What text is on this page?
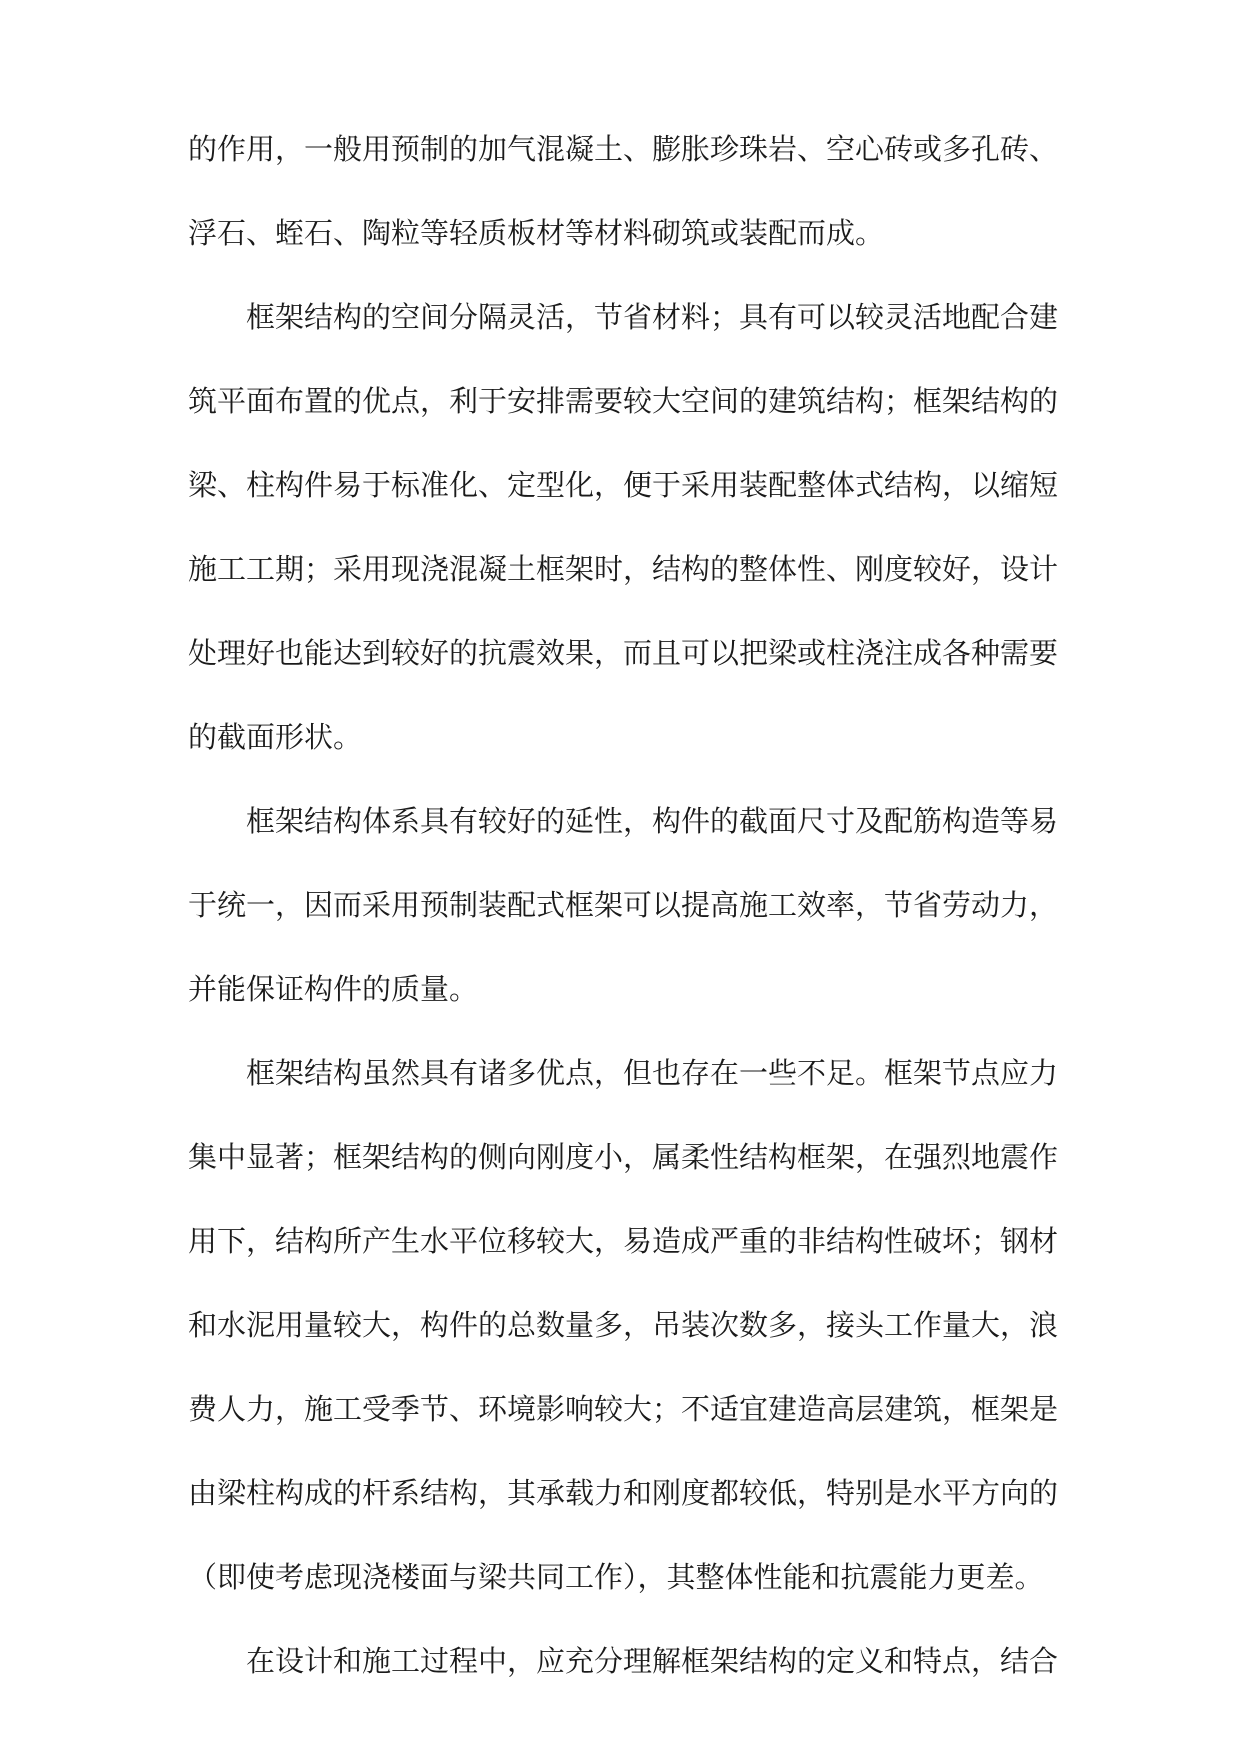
的作用，一般用预制的加气混凝土、膨胀珍珠岩、空心砖或多孔砖、
浮石、蛭石、陶粒等轻质板材等材料砌筑或装配而成。
框架结构的空间分隔灵活，节省材料；具有可以较灵活地配合建
筑平面布置的优点，利于安排需要较大空间的建筑结构；框架结构的
梁、柱构件易于标准化、定型化，便于采用装配整体式结构，以缩短
施工工期；采用现浇混凝土框架时，结构的整体性、刚度较好，设计
处理好也能达到较好的抗震效果，而且可以把梁或柱浇注成各种需要
的截面形状。
框架结构体系具有较好的延性，构件的截面尺寸及配筋构造等易
于统一，因而采用预制装配式框架可以提高施工效率，节省劳动力，
并能保证构件的质量。
框架结构虽然具有诸多优点，但也存在一些不足。框架节点应力
集中显著；框架结构的侧向刚度小，属柔性结构框架，在强烈地震作
用下，结构所产生水平位移较大，易造成严重的非结构性破坏；钢材
和水泥用量较大，构件的总数量多，吊装次数多，接头工作量大，浪
费人力，施工受季节、环境影响较大；不适宜建造高层建筑，框架是
由梁柱构成的杆系结构，其承载力和刚度都较低，特别是水平方向的
（即使考虑现浇楼面与梁共同工作），其整体性能和抗震能力更差。
在设计和施工过程中，应充分理解框架结构的定义和特点，结合
